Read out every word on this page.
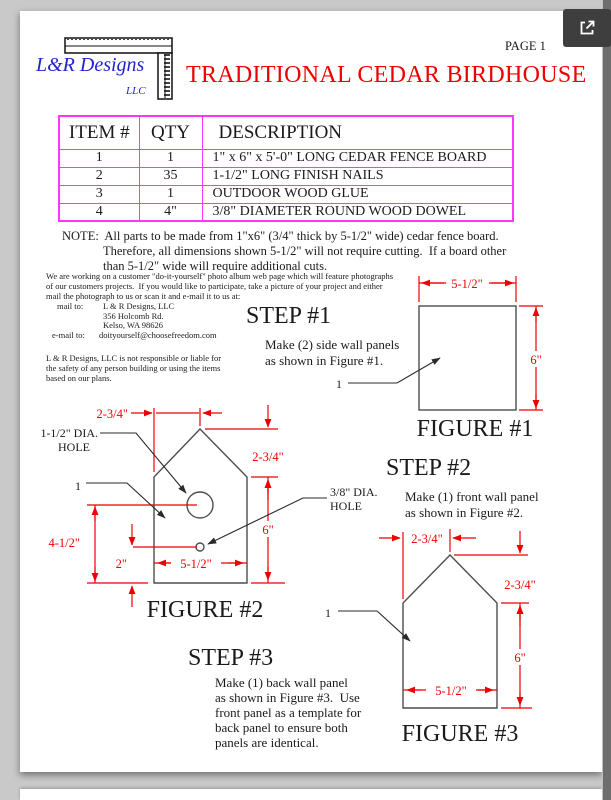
L&R Designs
LLC
PAGE 1
TRADITIONAL CEDAR BIRDHOUSE
ITEM #	QTY	DESCRIPTION
1	1	1" x 6" x 5'-0" LONG CEDAR FENCE BOARD
2	35	1-1/2" LONG FINISH NAILS
3	1	OUTDOOR WOOD GLUE
4	4"	3/8" DIAMETER ROUND WOOD DOWEL
NOTE:  All parts to be made from 1"x6" (3/4" thick by 5-1/2" wide) cedar fence board.
Therefore, all dimensions shown 5-1/2" will not require cutting.  If a board other
than 5-1/2" wide will require additional cuts.
We are working on a customer "do-it-yourself" photo album web page which will feature photographs
of our customers projects.  If you would like to participate, take a picture of your project and either
mail the photograph to us or scan it and e-mail it to us at:
mail to: L & R Designs, LLC
356 Holcomb Rd.
Kelso, WA 98626
e-mail to: doityourself@choosefreedom.com
L & R Designs, LLC is not responsible or liable for
the safety of any person building or using the items
based on our plans.
STEP #1
Make (2) side wall panels
as shown in Figure #1.
STEP #2
Make (1) front wall panel
as shown in Figure #2.
STEP #3
Make (1) back wall panel
as shown in Figure #3.  Use
front panel as a template for
back panel to ensure both
panels are identical.
5-1/2"
6"
1
FIGURE #1
2-3/4"
2-3/4"
6"
4-1/2"
2"	5-1/2"
1-1/2" DIA.
HOLE
1	3/8" DIA.
HOLE
FIGURE #2
2-3/4"
2-3/4"
6"
5-1/2"
1
FIGURE #3
